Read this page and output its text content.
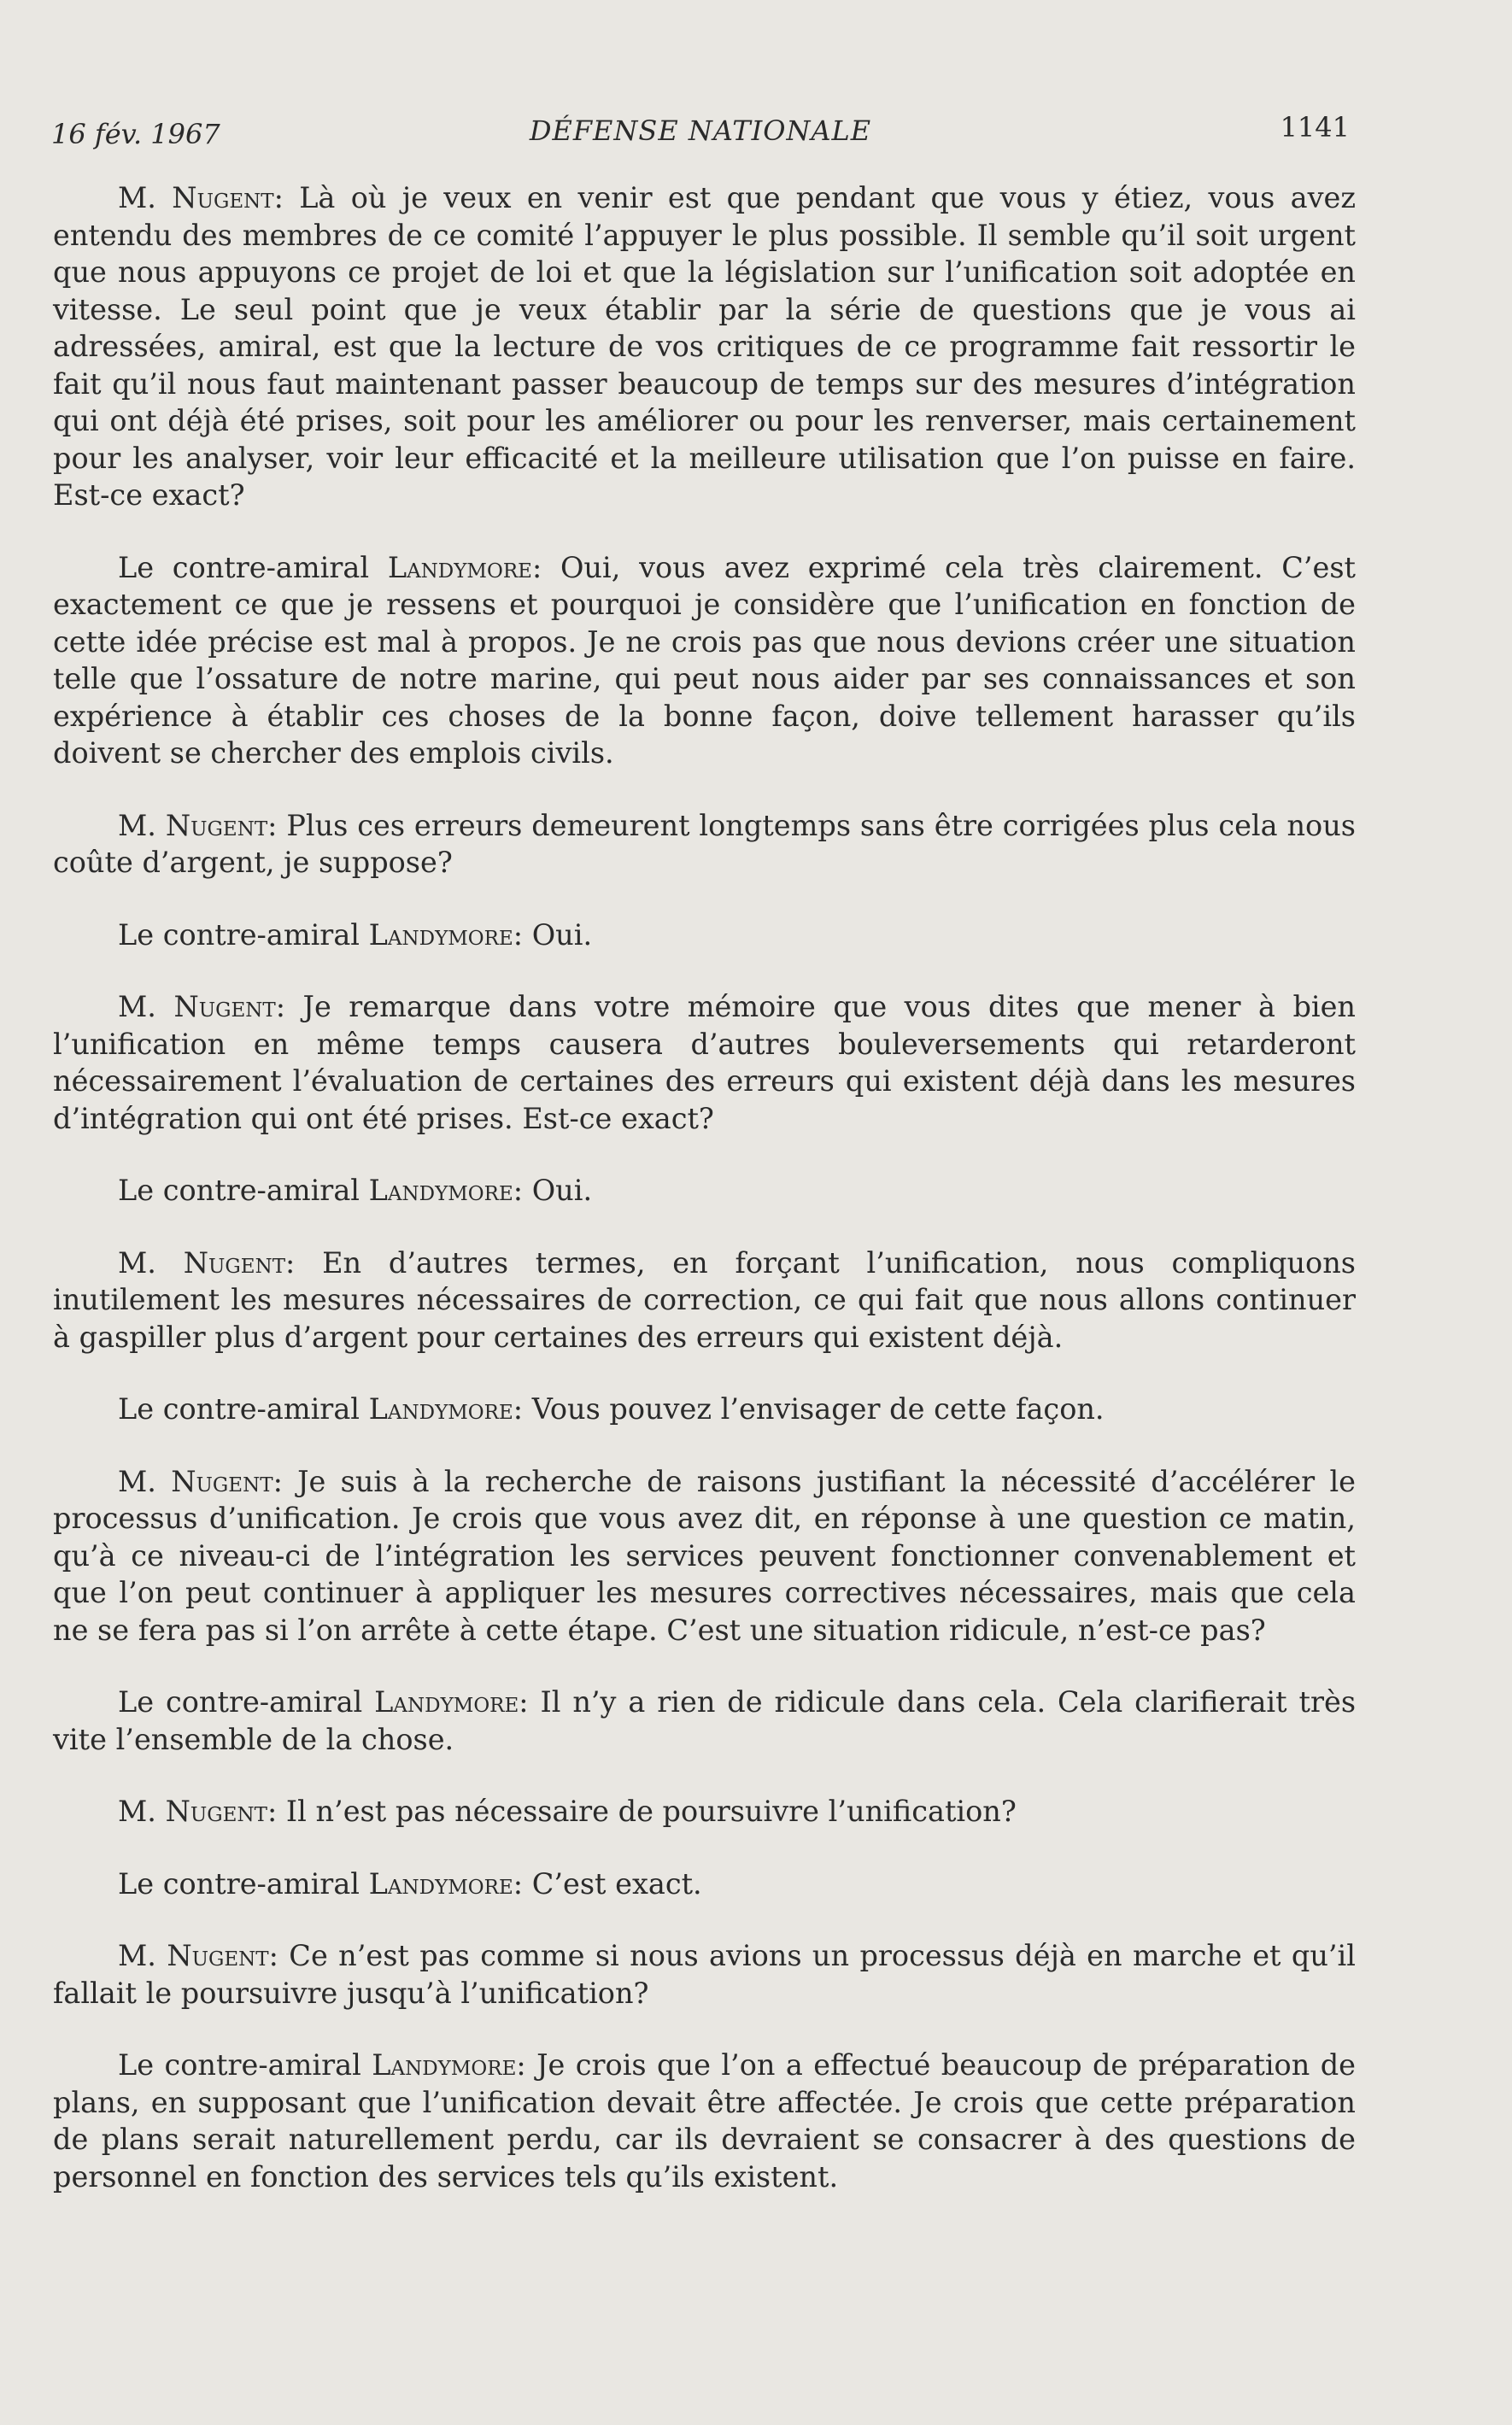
16 fév. 1967	DÉFENSE NATIONALE	1141

M. Nugent: Là où je veux en venir est que pendant que vous y étiez, vous avez entendu des membres de ce comité l’appuyer le plus possible. Il semble qu’il soit urgent que nous appuyons ce projet de loi et que la législation sur l’unification soit adoptée en vitesse. Le seul point que je veux établir par la série de questions que je vous ai adressées, amiral, est que la lecture de vos critiques de ce programme fait ressortir le fait qu’il nous faut maintenant passer beaucoup de temps sur des mesures d’intégration qui ont déjà été prises, soit pour les améliorer ou pour les renverser, mais certainement pour les analyser, voir leur efficacité et la meilleure utilisation que l’on puisse en faire. Est-ce exact?

Le contre-amiral Landymore: Oui, vous avez exprimé cela très clairement. C’est exactement ce que je ressens et pourquoi je considère que l’unification en fonction de cette idée précise est mal à propos. Je ne crois pas que nous devions créer une situation telle que l’ossature de notre marine, qui peut nous aider par ses connaissances et son expérience à établir ces choses de la bonne façon, doive tellement harasser qu’ils doivent se chercher des emplois civils.

M. Nugent: Plus ces erreurs demeurent longtemps sans être corrigées plus cela nous coûte d’argent, je suppose?

Le contre-amiral Landymore: Oui.

M. Nugent: Je remarque dans votre mémoire que vous dites que mener à bien l’unification en même temps causera d’autres bouleversements qui retarderont nécessairement l’évaluation de certaines des erreurs qui existent déjà dans les mesures d’intégration qui ont été prises. Est-ce exact?

Le contre-amiral Landymore: Oui.

M. Nugent: En d’autres termes, en forçant l’unification, nous compliquons inutilement les mesures nécessaires de correction, ce qui fait que nous allons continuer à gaspiller plus d’argent pour certaines des erreurs qui existent déjà.

Le contre-amiral Landymore: Vous pouvez l’envisager de cette façon.

M. Nugent: Je suis à la recherche de raisons justifiant la nécessité d’accélérer le processus d’unification. Je crois que vous avez dit, en réponse à une question ce matin, qu’à ce niveau-ci de l’intégration les services peuvent fonctionner convenablement et que l’on peut continuer à appliquer les mesures correctives nécessaires, mais que cela ne se fera pas si l’on arrête à cette étape. C’est une situation ridicule, n’est-ce pas?

Le contre-amiral Landymore: Il n’y a rien de ridicule dans cela. Cela clarifierait très vite l’ensemble de la chose.

M. Nugent: Il n’est pas nécessaire de poursuivre l’unification?

Le contre-amiral Landymore: C’est exact.

M. Nugent: Ce n’est pas comme si nous avions un processus déjà en marche et qu’il fallait le poursuivre jusqu’à l’unification?

Le contre-amiral Landymore: Je crois que l’on a effectué beaucoup de préparation de plans, en supposant que l’unification devait être affectée. Je crois que cette préparation de plans serait naturellement perdu, car ils devraient se consacrer à des questions de personnel en fonction des services tels qu’ils existent.
